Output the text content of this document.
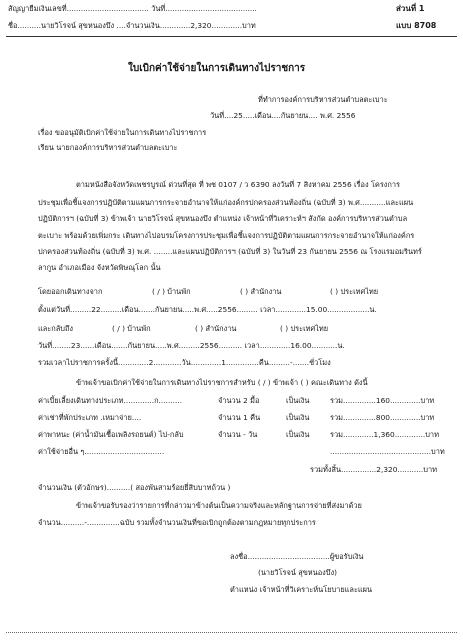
สัญญายืมเงินเลขที่................................... วันที่.......................................	ส่วนที่ 1
ชื่อ..........นายวิโรจน์ สุขหนองบึง ....จำนวนเงิน.............2,320.............บาท	แบบ 8708
ใบเบิกค่าใช้จ่ายในการเดินทางไปราชการ
ที่ทำการองค์การบริหารส่วนตำบลตะเบาะ
วันที่....25.....เดือน....กันยายน.... พ.ศ. 2556
เรื่อง ขออนุมัติเบิกค่าใช้จ่ายในการเดินทางไปราชการ
เรียน นายกองค์การบริหารส่วนตำบลตะเบาะ
ตามหนังสือจังหวัดเพชรบูรณ์ ด่วนที่สุด ที่ พช 0107 / ว 6390 ลงวันที่ 7 สิงหาคม 2556 เรื่อง โครงการ
ประชุมเพื่อชี้แจงการปฏิบัติตามแผนการกระจายอำนาจให้แก่องค์กรปกครองส่วนท้องถิ่น (ฉบับที่ 3) พ.ศ...........และแผน
ปฏิบัติการฯ (ฉบับที่ 3) ข้าพเจ้า นายวิโรจน์ สุขหนองบึง ตำแหน่ง เจ้าหน้าที่วิเคราะห์ฯ สังกัด องค์การบริหารส่วนตำบล
ตะเบาะ พร้อมด้วยเพิ่มกระ เดินทางไปอบรมโครงการประชุมเพื่อชี้แจงการปฏิบัติตามแผนการกระจายอำนาจให้แก่องค์กร
ปกครองส่วนท้องถิ่น (ฉบับที่ 3) พ.ศ. ........และแผนปฏิบัติการฯ (ฉบับที่ 3) ในวันที่ 23 กันยายน 2556 ณ โรงแรมอมรินทร์
ลากูน อำเภอเมือง จังหวัดพิษณุโลก นั้น
โดยออกเดินทางจาก	( / ) บ้านพัก	( ) สำนักงาน	( ) ประเทศไทย
ตั้งแต่วันที่.........22.........เดือน.......กันยายน.....พ.ศ.....2556......... เวลา.............15.00..................น.
และกลับถึง	( / ) บ้านพัก	( ) สำนักงาน	( ) ประเทศไทย
วันที่........23......เดือน.......กันยายน.....พ.ศ.........2556.......... เวลา.............16.00...........น.
รวมเวลาไปราชการครั้งนี้.............2............วัน.............1..............คืน.........-.......ชั่วโมง
ข้าพเจ้าขอเบิกค่าใช้จ่ายในการเดินทางไปราชการสำหรับ ( / ) ข้าพเจ้า ( ) คณะเดินทาง ดังนี้
ค่าเบี้ยเลี้ยงเดินทางประเภท.............ก..........	จำนวน 2 มื้อ	เป็นเงิน	รวม..............160.............บาท
ค่าเช่าที่พักประเภท .เหมาจ่าย....	จำนวน 1 คืน	เป็นเงิน	รวม..............800.............บาท
ค่าพาหนะ (ค่าน้ำมันเชื้อเพลิงรถยนต์) ไป-กลับ	จำนวน - วัน	เป็นเงิน	รวม.............1,360.............บาท
ค่าใช้จ่ายอื่น ๆ..................................	...........................................บาท
รวมทั้งสิ้น...............2,320...........บาท
จำนวนเงิน (ตัวอักษร)..........( สองพันสามร้อยยี่สิบบาทถ้วน )
ข้าพเจ้าขอรับรองว่ารายการที่กล่าวมาข้างต้นเป็นความจริงและหลักฐานการจ่ายที่ส่งมาด้วย
จำนวน..........-..............ฉบับ รวมทั้งจำนวนเงินที่ขอเบิกถูกต้องตามกฎหมายทุกประการ
ลงชื่อ...................................ผู้ขอรับเงิน
(นายวิโรจน์ สุขหนองบึง)
ตำแหน่ง เจ้าหน้าที่วิเคราะห์นโยบายและแผน
